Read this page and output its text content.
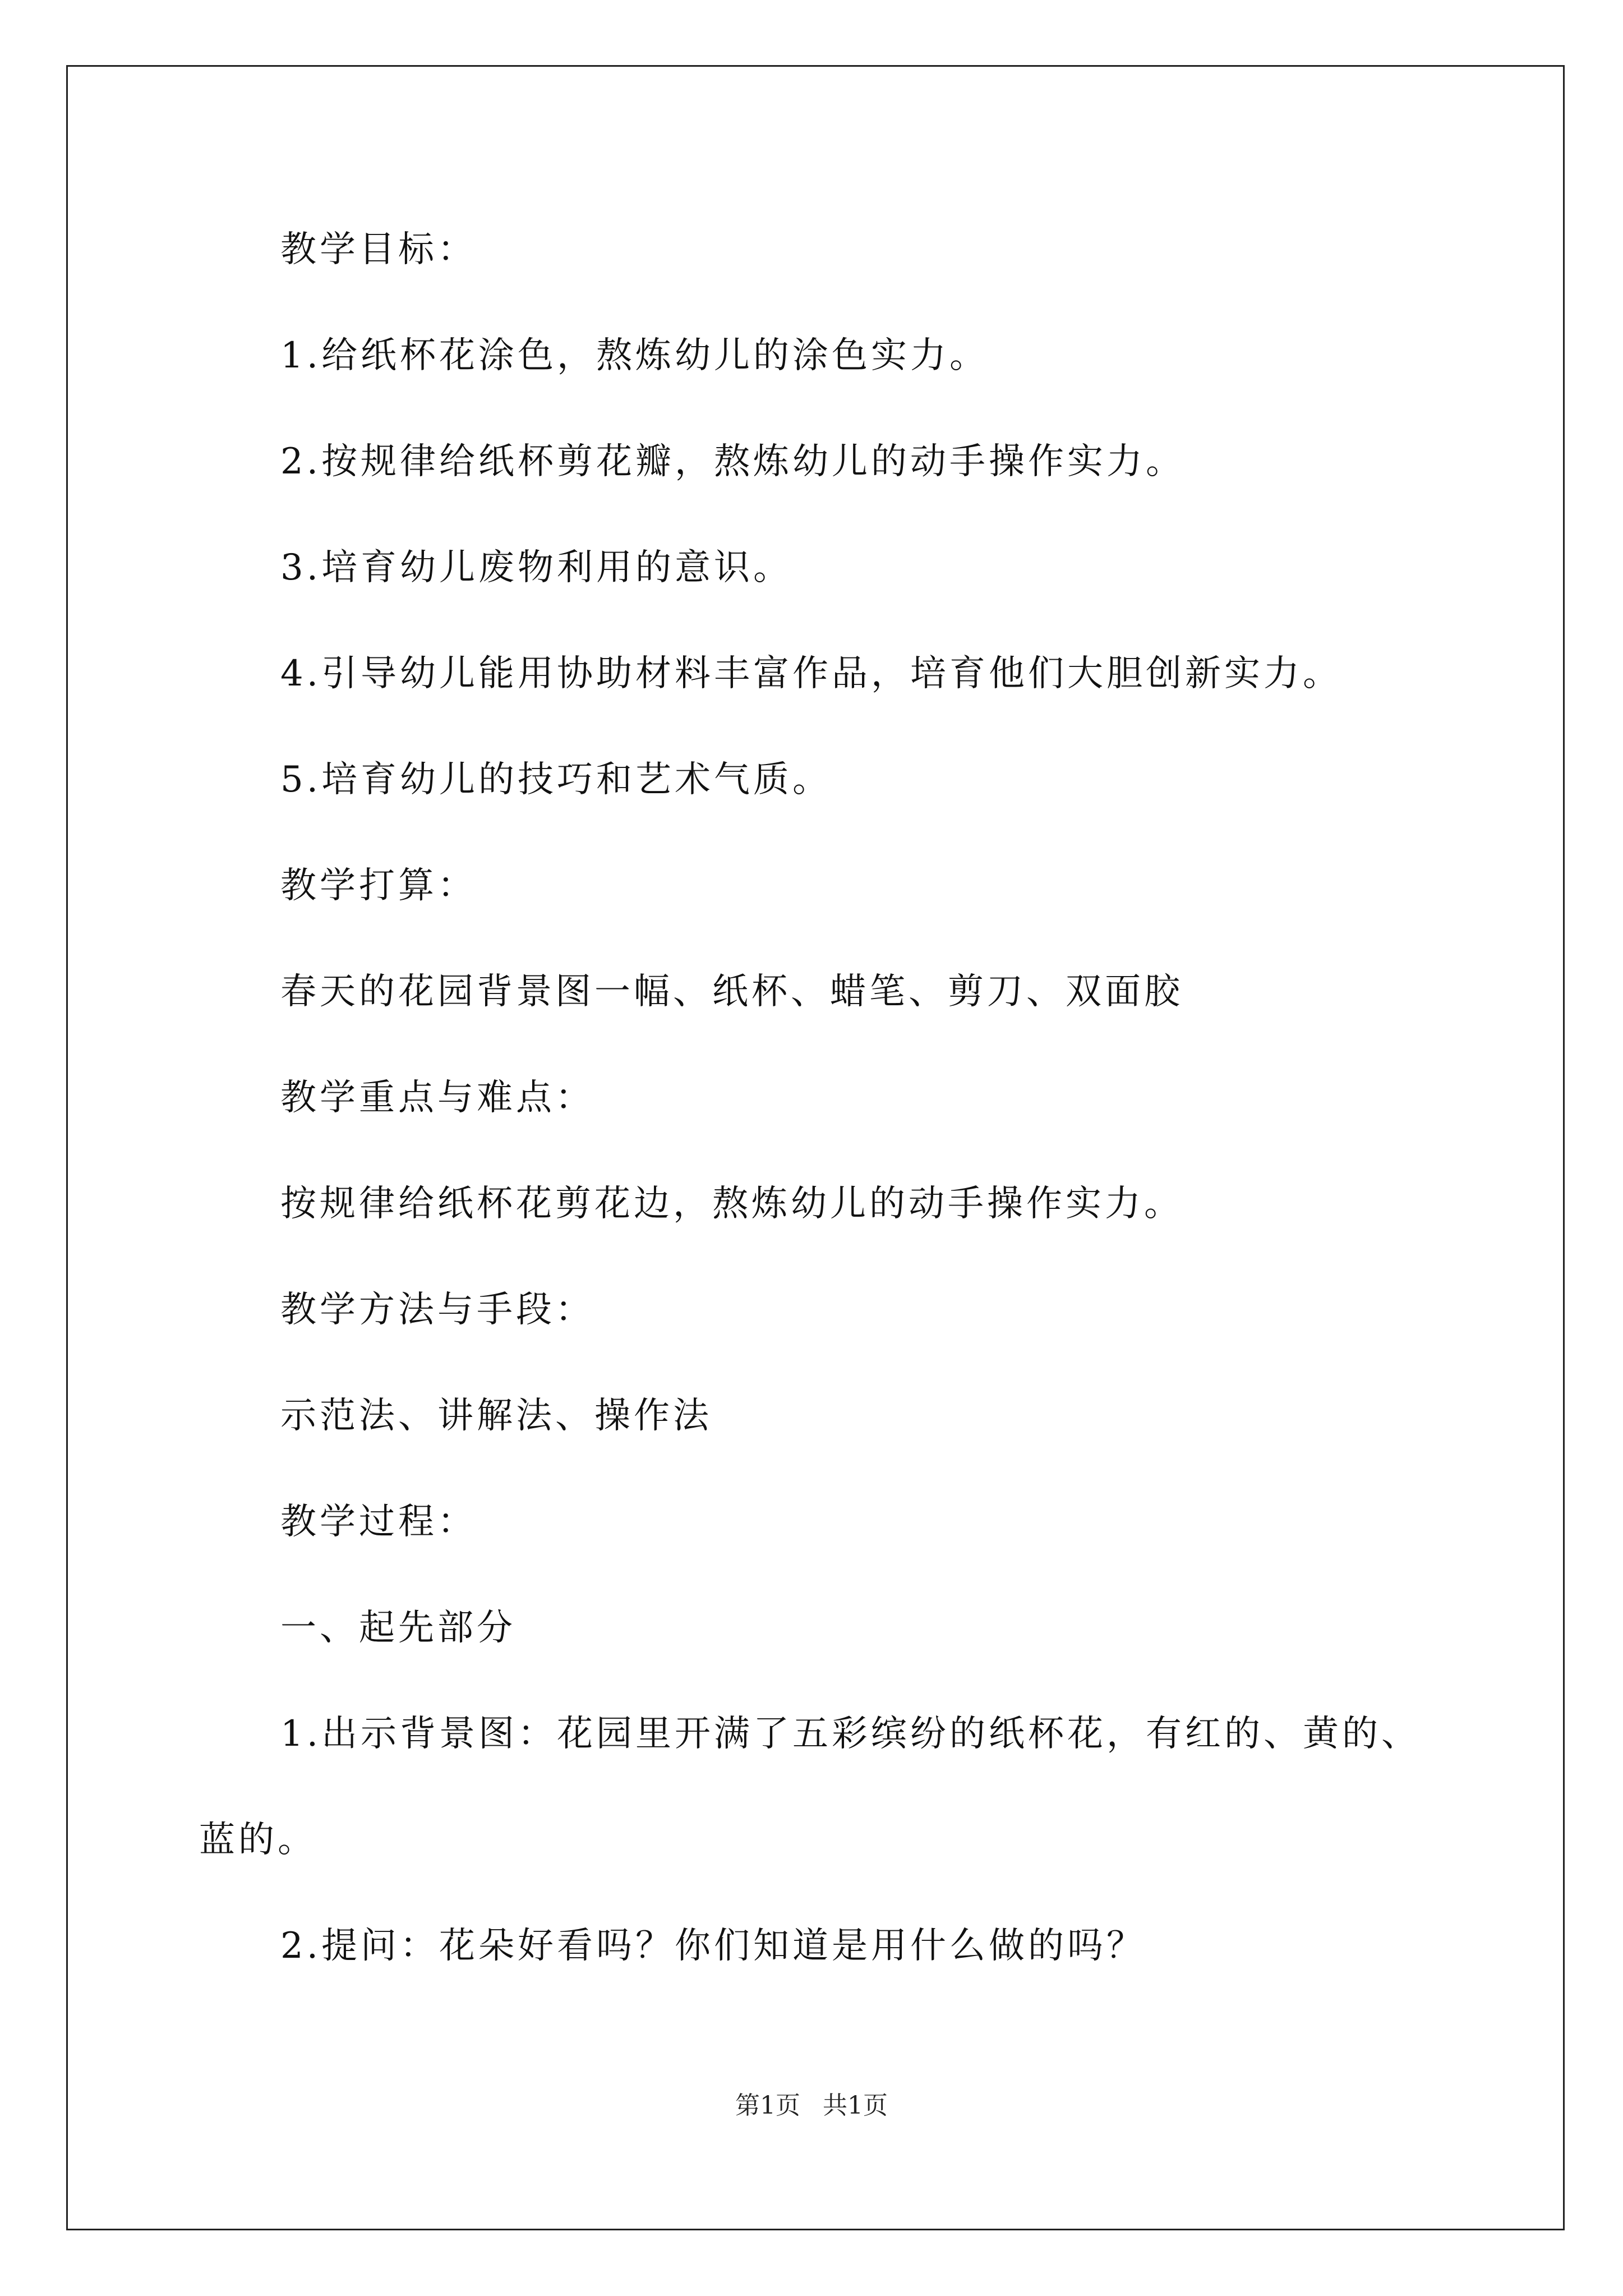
教学目标：
1.给纸杯花涂色，熬炼幼儿的涂色实力。
2.按规律给纸杯剪花瓣，熬炼幼儿的动手操作实力。
3.培育幼儿废物利用的意识。
4.引导幼儿能用协助材料丰富作品，培育他们大胆创新实力。
5.培育幼儿的技巧和艺术气质。
教学打算：
春天的花园背景图一幅、纸杯、蜡笔、剪刀、双面胶
教学重点与难点：
按规律给纸杯花剪花边，熬炼幼儿的动手操作实力。
教学方法与手段：
示范法、讲解法、操作法
教学过程：
一、起先部分
1.出示背景图：花园里开满了五彩缤纷的纸杯花，有红的、黄的、
蓝的。
2.提问：花朵好看吗？你们知道是用什么做的吗？
第1页 共1页
